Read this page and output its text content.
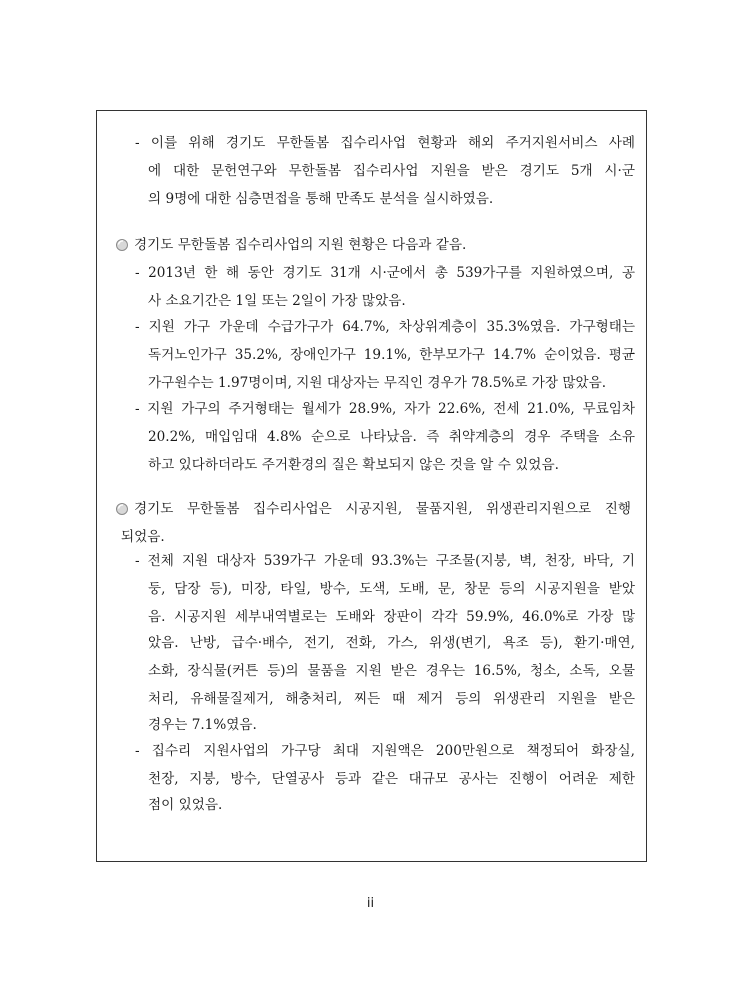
- 이를 위해 경기도 무한돌봄 집수리사업 현황과 해외 주거지원서비스 사례
에 대한 문헌연구와 무한돌봄 집수리사업 지원을 받은 경기도 5개 시·군
의 9명에 대한 심층면접을 통해 만족도 분석을 실시하였음.
경기도 무한돌봄 집수리사업의 지원 현황은 다음과 같음.
- 2013년 한 해 동안 경기도 31개 시·군에서 총 539가구를 지원하였으며, 공
사 소요기간은 1일 또는 2일이 가장 많았음.
- 지원 가구 가운데 수급가구가 64.7%, 차상위계층이 35.3%였음. 가구형태는
독거노인가구 35.2%, 장애인가구 19.1%, 한부모가구 14.7% 순이었음. 평균
가구원수는 1.97명이며, 지원 대상자는 무직인 경우가 78.5%로 가장 많았음.
- 지원 가구의 주거형태는 월세가 28.9%, 자가 22.6%, 전세 21.0%, 무료임차
20.2%, 매입임대 4.8% 순으로 나타났음. 즉 취약계층의 경우 주택을 소유
하고 있다하더라도 주거환경의 질은 확보되지 않은 것을 알 수 있었음.
경기도 무한돌봄 집수리사업은 시공지원, 물품지원, 위생관리지원으로 진행
되었음.
- 전체 지원 대상자 539가구 가운데 93.3%는 구조물(지붕, 벽, 천장, 바닥, 기
둥, 담장 등), 미장, 타일, 방수, 도색, 도배, 문, 창문 등의 시공지원을 받았
음. 시공지원 세부내역별로는 도배와 장판이 각각 59.9%, 46.0%로 가장 많
았음. 난방, 급수·배수, 전기, 전화, 가스, 위생(변기, 욕조 등), 환기·매연,
소화, 장식물(커튼 등)의 물품을 지원 받은 경우는 16.5%, 청소, 소독, 오물
처리, 유해물질제거, 해충처리, 찌든 때 제거 등의 위생관리 지원을 받은
경우는 7.1%였음.
- 집수리 지원사업의 가구당 최대 지원액은 200만원으로 책정되어 화장실,
천장, 지붕, 방수, 단열공사 등과 같은 대규모 공사는 진행이 어려운 제한
점이 있었음.
ii
